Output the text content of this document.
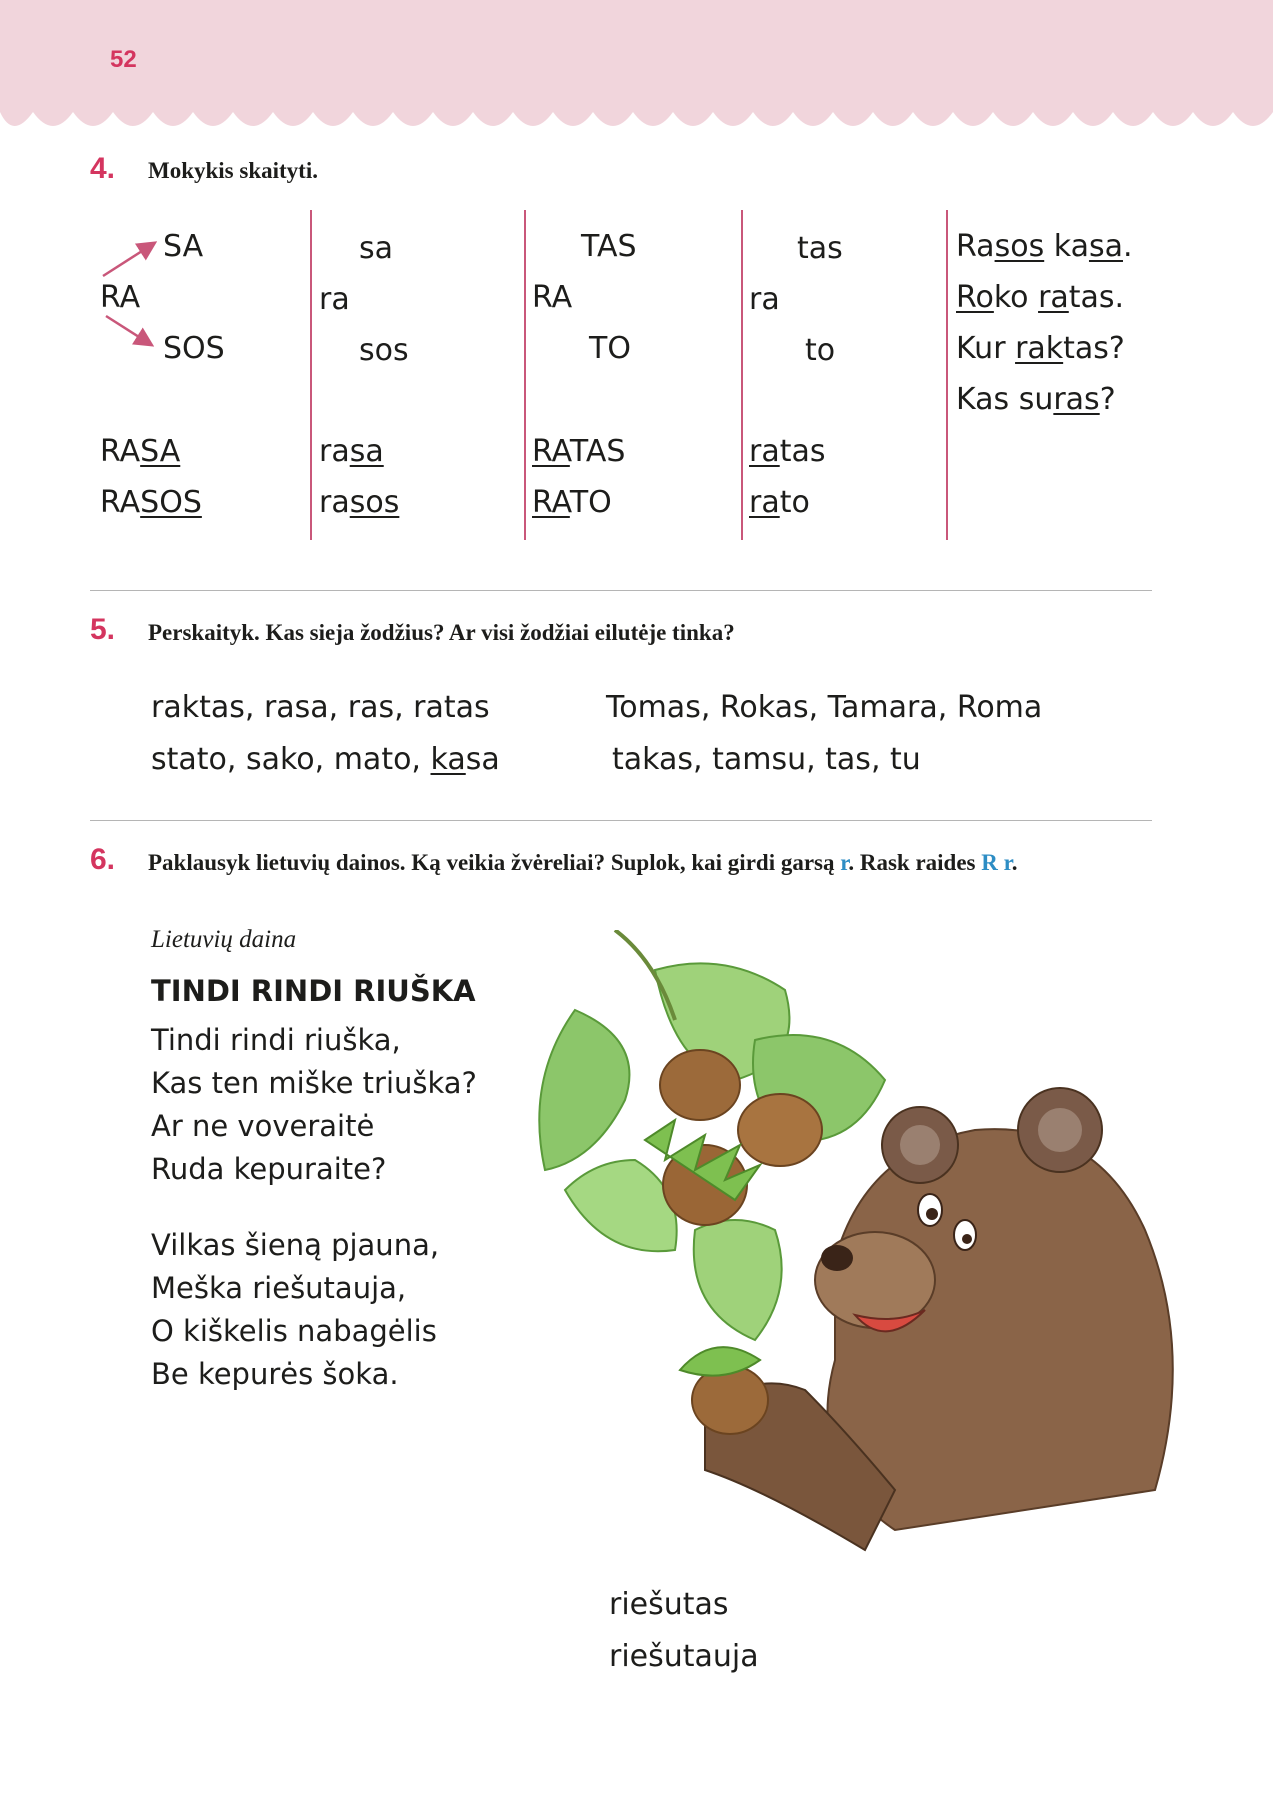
52
4. Mokykis skaityti.
SA
RA
SOS
RASA
RASOS
sa
ra
sos
rasa
rasos
TAS
RA
TO
RATAS
RATO
tas
ra
to
ratas
rato
Rasos kasa.
Roko ratas.
Kur raktas?
Kas suras?
5. Perskaityk. Kas sieja žodžius? Ar visi žodžiai eilutėje tinka?
raktas, rasa, ras, ratas
stato, sako, mato, kasa
Tomas, Rokas, Tamara, Roma
takas, tamsu, tas, tu
6. Paklausyk lietuvių dainos. Ką veikia žvėreliai? Suplok, kai girdi garsą r. Rask raides R r.
Lietuvių daina
TINDI RINDI RIUŠKA
Tindi rindi riuška,
Kas ten miške triuška?
Ar ne voveraitė
Ruda kepuraite?
Vilkas šieną pjauna,
Meška riešutauja,
O kiškelis nabagėlis
Be kepurės šoka.
riešutas
riešutauja
